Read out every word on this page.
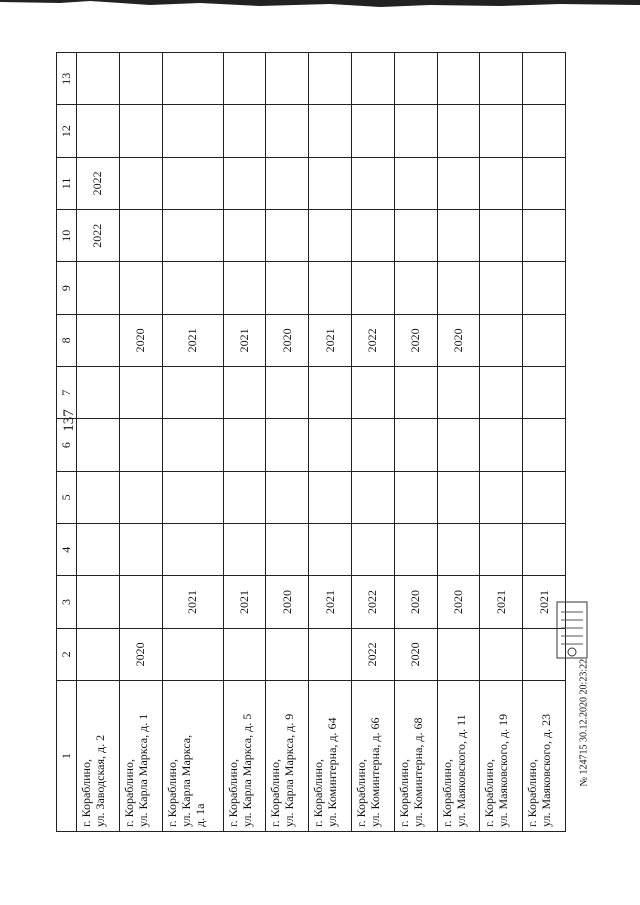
137
1	2	3	4	5	6	7	8	9	10	11	12	13

г. Кораблино, ул. Заводская, д. 2									2022	2022		

г. Кораблино, ул. Карла Маркса, д. 1	2020						2020					

г. Кораблино, ул. Карла Маркса, д. 1а		2021					2021					

г. Кораблино, ул. Карла Маркса, д. 5		2021					2021					

г. Кораблино, ул. Карла Маркса, д. 9		2020					2020					

г. Кораблино, ул. Коминтерна, д. 64		2021					2021					

г. Кораблино, ул. Коминтерна, д. 66	2022	2022					2022					

г. Кораблино, ул. Коминтерна, д. 68	2020	2020					2020					

г. Кораблино, ул. Маяковского, д. 11		2020					2020					

г. Кораблино, ул. Маяковского, д. 19		2021										

г. Кораблино, ул. Маяковского, д. 23		2021										
№ 124715 30.12.2020 20:23:22
